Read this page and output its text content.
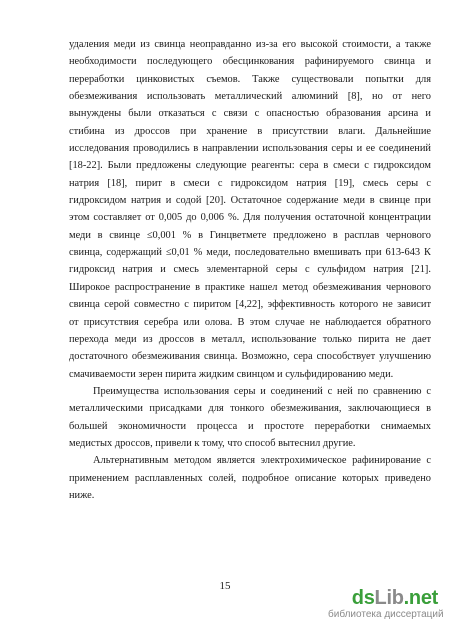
удаления меди из свинца неоправданно из-за его высокой стоимости, а также
необходимости последующего обесцинкования рафинируемого свинца и
переработки цинковистых съемов. Также существовали попытки для
обезмеживания использовать металлический алюминий [8], но от него
вынуждены были отказаться с связи с опасностью образования арсина и
стибина из дроссов при хранение в присутствии влаги. Дальнейшие
исследования проводились в направлении использования серы и ее соединений
[18-22]. Были предложены следующие реагенты: сера в смеси с гидроксидом
натрия [18], пирит в смеси с гидроксидом натрия [19], смесь серы с
гидроксидом натрия и содой [20]. Остаточное содержание меди в свинце при
этом составляет от 0,005 до 0,006 %. Для получения остаточной концентрации
меди в свинце ≤0,001 % в Гинцветмете предложено в расплав чернового
свинца, содержащий ≤0,01 % меди, последовательно вмешивать при 613-643 К
гидроксид натрия и смесь элементарной серы с сульфидом натрия [21].
Широкое распространение в практике нашел метод обезмеживания чернового
свинца серой совместно с пиритом [4,22], эффективность которого не зависит
от присутствия серебра или олова. В этом случае не наблюдается обратного
перехода меди из дроссов в металл, использование только пирита не дает
достаточного обезмеживания свинца. Возможно, сера способствует улучшению
смачиваемости зерен пирита жидким свинцом и сульфидированию меди.
Преимущества использования серы и соединений с ней по сравнению с
металлическими присадками для тонкого обезмеживания, заключающиеся в
большей экономичности процесса и простоте переработки снимаемых
медистых дроссов, привели к тому, что способ вытеснил другие.
Альтернативным методом является электрохимическое рафинирование с
применением расплавленных солей, подробное описание которых приведено
ниже.
15
dsLib.net
библиотека диссертаций
